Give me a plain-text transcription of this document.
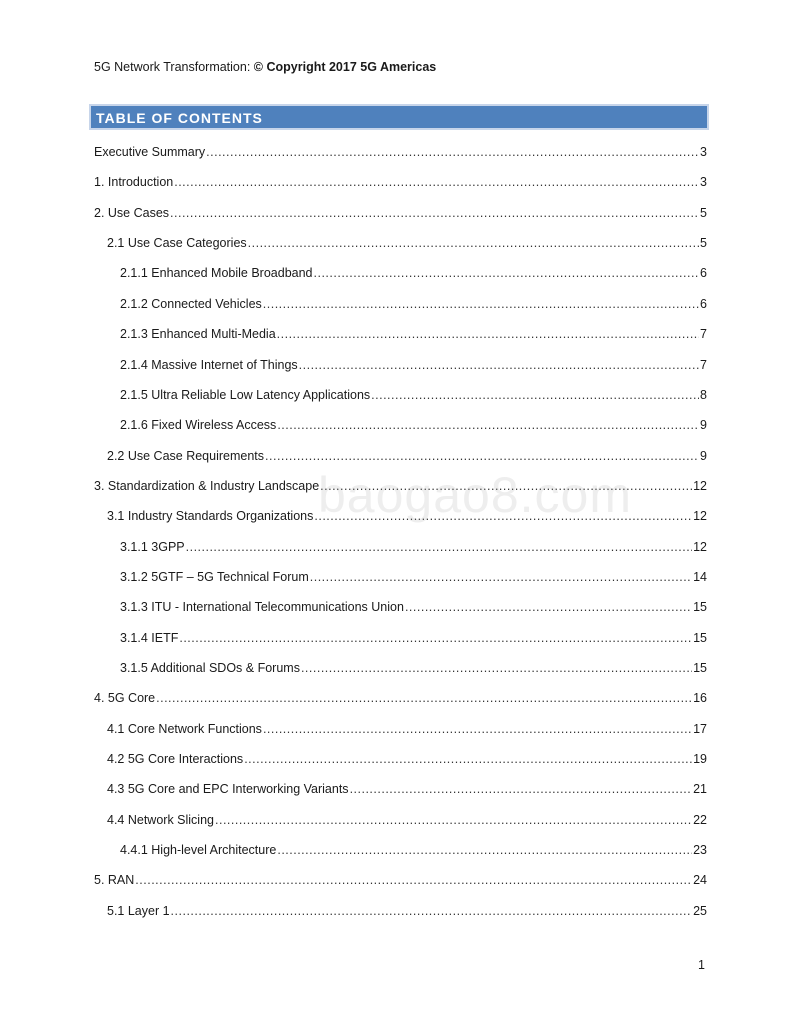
5G Network Transformation: © Copyright 2017 5G Americas
TABLE OF CONTENTS
Executive Summary .....	3
1. Introduction .....	3
2. Use Cases .....	5
2.1 Use Case Categories .....	5
2.1.1 Enhanced Mobile Broadband .....	6
2.1.2 Connected Vehicles .....	6
2.1.3 Enhanced Multi-Media .....	7
2.1.4 Massive Internet of Things .....	7
2.1.5 Ultra Reliable Low Latency Applications .....	8
2.1.6 Fixed Wireless Access .....	9
2.2 Use Case Requirements .....	9
3. Standardization & Industry Landscape .....	12
3.1 Industry Standards Organizations .....	12
3.1.1 3GPP .....	12
3.1.2 5GTF – 5G Technical Forum .....	14
3.1.3 ITU - International Telecommunications Union .....	15
3.1.4 IETF .....	15
3.1.5 Additional SDOs & Forums .....	15
4. 5G Core .....	16
4.1 Core Network Functions .....	17
4.2 5G Core Interactions .....	19
4.3 5G Core and EPC Interworking Variants .....	21
4.4 Network Slicing .....	22
4.4.1 High-level Architecture .....	23
5. RAN .....	24
5.1 Layer 1 .....	25
baogao8.com
1
